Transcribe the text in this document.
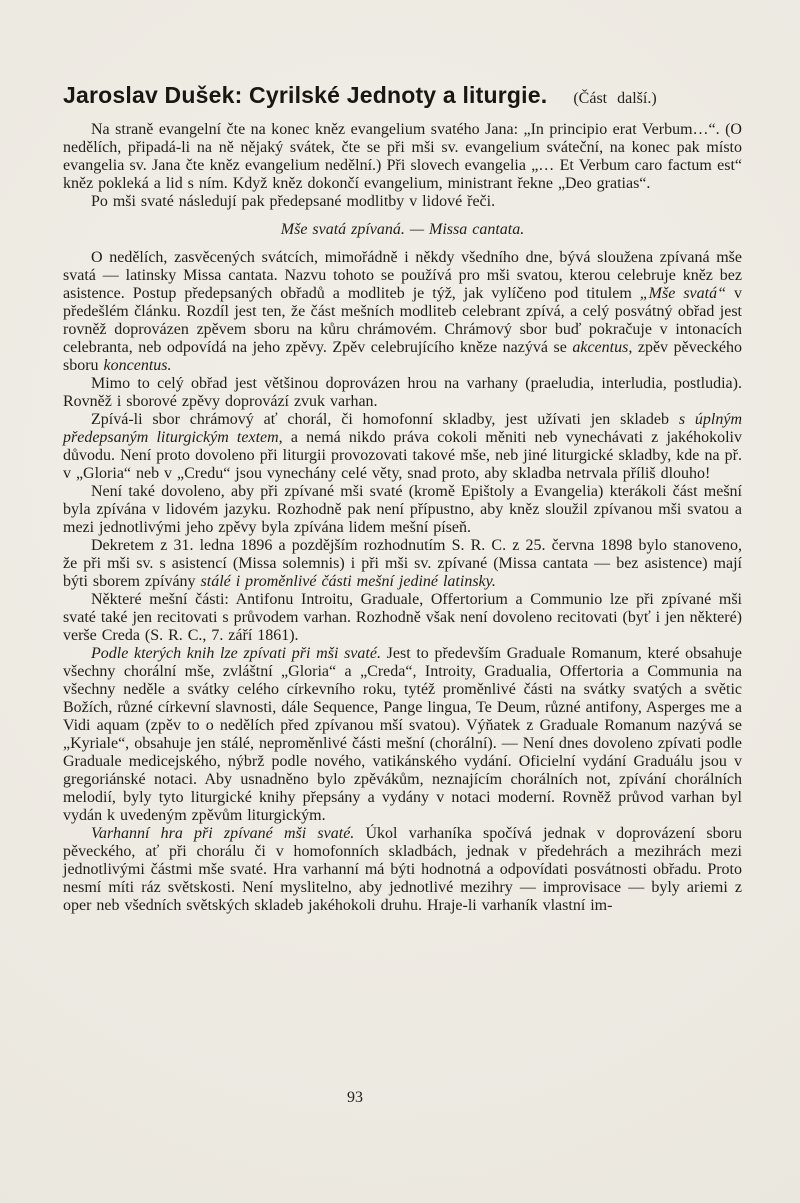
Jaroslav Dušek: Cyrilské Jednoty a liturgie. (Část další.)

Na straně evangelní čte na konec kněz evangelium svatého Jana: „In principio erat Verbum…“. (O nedělích, připadá-li na ně nějaký svátek, čte se při mši sv. evangelium sváteční, na konec pak místo evangelia sv. Jana čte kněz evangelium nedělní.) Při slovech evangelia „… Et Verbum caro factum est“ kněz pokleká a lid s ním. Když kněz dokončí evangelium, ministrant řekne „Deo gratias“.

Po mši svaté následují pak předepsané modlitby v lidové řeči.

Mše svatá zpívaná. — Missa cantata.

O nedělích, zasvěcených svátcích, mimořádně i někdy všedního dne, bývá sloužena zpívaná mše svatá — latinsky Missa cantata. Nazvu tohoto se používá pro mši svatou, kterou celebruje kněz bez asistence. Postup předepsaných obřadů a modliteb je týž, jak vylíčeno pod titulem „Mše svatá“ v předešlém článku. Rozdíl jest ten, že část mešních modliteb celebrant zpívá, a celý posvátný obřad jest rovněž doprovázen zpěvem sboru na kůru chrámovém. Chrámový sbor buď pokračuje v intonacích celebranta, neb odpovídá na jeho zpěvy. Zpěv celebrujícího kněze nazývá se akcentus, zpěv pěveckého sboru koncentus.

Mimo to celý obřad jest většinou doprovázen hrou na varhany (praeludia, interludia, postludia). Rovněž i sborové zpěvy doprovází zvuk varhan.

Zpívá-li sbor chrámový ať chorál, či homofonní skladby, jest užívati jen skladeb s úplným předepsaným liturgickým textem, a nemá nikdo práva cokoli měniti neb vynechávati z jakéhokoliv důvodu. Není proto dovoleno při liturgii provozovati takové mše, neb jiné liturgické skladby, kde na př. v „Gloria“ neb v „Credu“ jsou vynechány celé věty, snad proto, aby skladba netrvala příliš dlouho!

Není také dovoleno, aby při zpívané mši svaté (kromě Epištoly a Evangelia) kterákoli část mešní byla zpívána v lidovém jazyku. Rozhodně pak není přípustno, aby kněz sloužil zpívanou mši svatou a mezi jednotlivými jeho zpěvy byla zpívána lidem mešní píseň.

Dekretem z 31. ledna 1896 a pozdějším rozhodnutím S. R. C. z 25. června 1898 bylo stanoveno, že při mši sv. s asistencí (Missa solemnis) i při mši sv. zpívané (Missa cantata — bez asistence) mají býti sborem zpívány stálé i proměnlivé části mešní jediné latinsky.

Některé mešní části: Antifonu Introitu, Graduale, Offertorium a Communio lze při zpívané mši svaté také jen recitovati s průvodem varhan. Rozhodně však není dovoleno recitovati (byť i jen některé) verše Creda (S. R. C., 7. září 1861).

Podle kterých knih lze zpívati při mši svaté. Jest to především Graduale Romanum, které obsahuje všechny chorální mše, zvláštní „Gloria“ a „Creda“, Introity, Gradualia, Offertoria a Communia na všechny neděle a svátky celého církevního roku, tytéž proměnlivé části na svátky svatých a světic Božích, různé církevní slavnosti, dále Sequence, Pange lingua, Te Deum, různé antifony, Asperges me a Vidi aquam (zpěv to o nedělích před zpívanou mší svatou). Výňatek z Graduale Romanum nazývá se „Kyriale“, obsahuje jen stálé, neproměnlivé části mešní (chorální). — Není dnes dovoleno zpívati podle Graduale medicejského, nýbrž podle nového, vatikánského vydání. Oficielní vydání Graduálu jsou v gregoriánské notaci. Aby usnadněno bylo zpěvákům, neznajícím chorálních not, zpívání chorálních melodií, byly tyto liturgické knihy přepsány a vydány v notaci moderní. Rovněž průvod varhan byl vydán k uvedeným zpěvům liturgickým.

Varhanní hra při zpívané mši svaté. Úkol varhaníka spočívá jednak v doprovázení sboru pěveckého, ať při chorálu či v homofonních skladbách, jednak v předehrách a mezihrách mezi jednotlivými částmi mše svaté. Hra varhanní má býti hodnotná a odpovídati posvátnosti obřadu. Proto nesmí míti ráz světskosti. Není myslitelno, aby jednotlivé mezihry — improvisace — byly ariemi z oper neb všedních světských skladeb jakéhokoli druhu. Hraje-li varhaník vlastní im-

93
